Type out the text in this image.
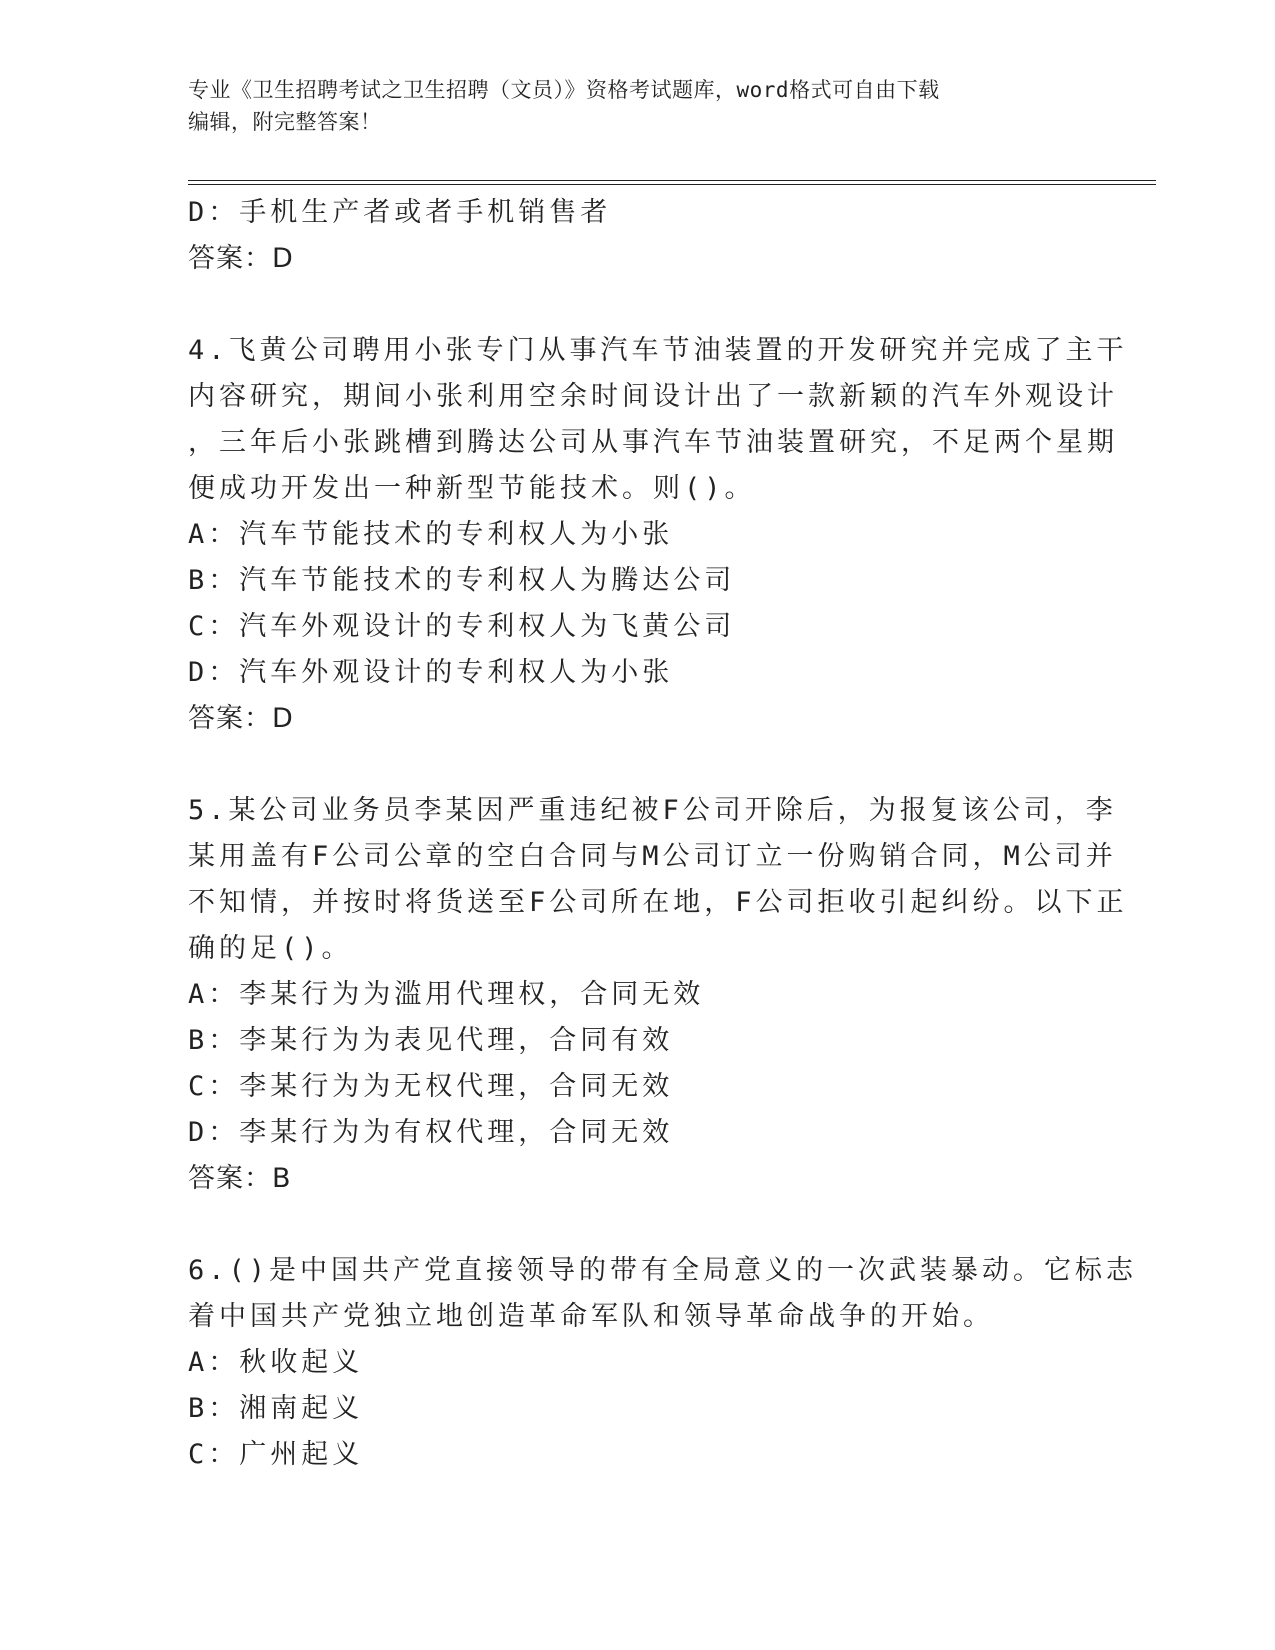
专业《卫生招聘考试之卫生招聘（文员）》资格考试题库，word格式可自由下载
编辑，附完整答案！
D：手机生产者或者手机销售者
答案：D
4.飞黄公司聘用小张专门从事汽车节油装置的开发研究并完成了主干
内容研究，期间小张利用空余时间设计出了一款新颖的汽车外观设计
，三年后小张跳槽到腾达公司从事汽车节油装置研究，不足两个星期
便成功开发出一种新型节能技术。则()。
A：汽车节能技术的专利权人为小张
B：汽车节能技术的专利权人为腾达公司
C：汽车外观设计的专利权人为飞黄公司
D：汽车外观设计的专利权人为小张
答案：D
5.某公司业务员李某因严重违纪被F公司开除后，为报复该公司，李
某用盖有F公司公章的空白合同与M公司订立一份购销合同，M公司并
不知情，并按时将货送至F公司所在地，F公司拒收引起纠纷。以下正
确的足()。
A：李某行为为滥用代理权，合同无效
B：李某行为为表见代理，合同有效
C：李某行为为无权代理，合同无效
D：李某行为为有权代理，合同无效
答案：B
6.()是中国共产党直接领导的带有全局意义的一次武装暴动。它标志
着中国共产党独立地创造革命军队和领导革命战争的开始。
A：秋收起义
B：湘南起义
C：广州起义
